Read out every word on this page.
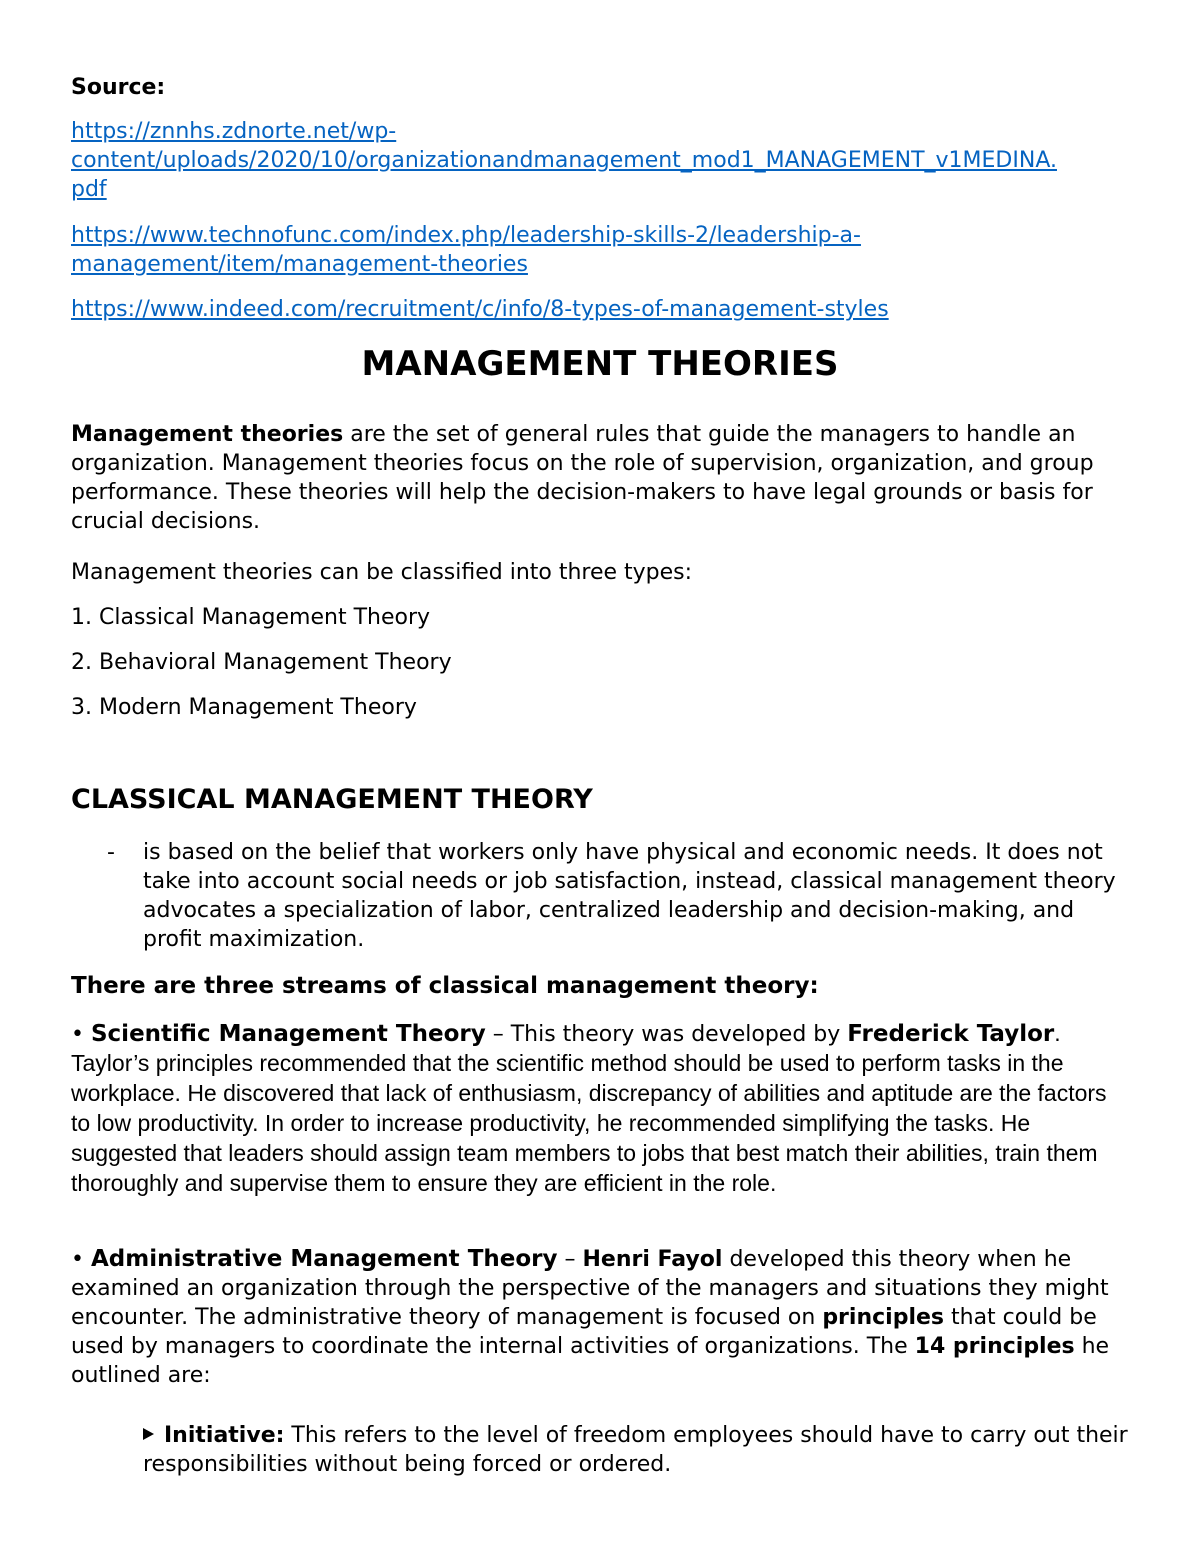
Source:

https://znnhs.zdnorte.net/wp-
content/uploads/2020/10/organizationandmanagement_mod1_MANAGEMENT_v1MEDINA.
pdf
https://www.technofunc.com/index.php/leadership-skills-2/leadership-a-
management/item/management-theories
https://www.indeed.com/recruitment/c/info/8-types-of-management-styles
MANAGEMENT THEORIES

Management theories are the set of general rules that guide the managers to handle an organization. Management theories focus on the role of supervision, organization, and group performance. These theories will help the decision-makers to have legal grounds or basis for crucial decisions.

Management theories can be classified into three types:

1. Classical Management Theory

2. Behavioral Management Theory

3. Modern Management Theory

CLASSICAL MANAGEMENT THEORY
- is based on the belief that workers only have physical and economic needs. It does not take into account social needs or job satisfaction, instead, classical management theory advocates a specialization of labor, centralized leadership and decision-making, and profit maximization.

There are three streams of classical management theory:

• Scientific Management Theory – This theory was developed by Frederick Taylor. Taylor’s principles recommended that the scientific method should be used to perform tasks in the workplace. He discovered that lack of enthusiasm, discrepancy of abilities and aptitude are the factors to low productivity. In order to increase productivity, he recommended simplifying the tasks. He suggested that leaders should assign team members to jobs that best match their abilities, train them thoroughly and supervise them to ensure they are efficient in the role.

• Administrative Management Theory – Henri Fayol developed this theory when he examined an organization through the perspective of the managers and situations they might encounter. The administrative theory of management is focused on principles that could be used by managers to coordinate the internal activities of organizations. The 14 principles he outlined are:

Initiative: This refers to the level of freedom employees should have to carry out their responsibilities without being forced or ordered.
